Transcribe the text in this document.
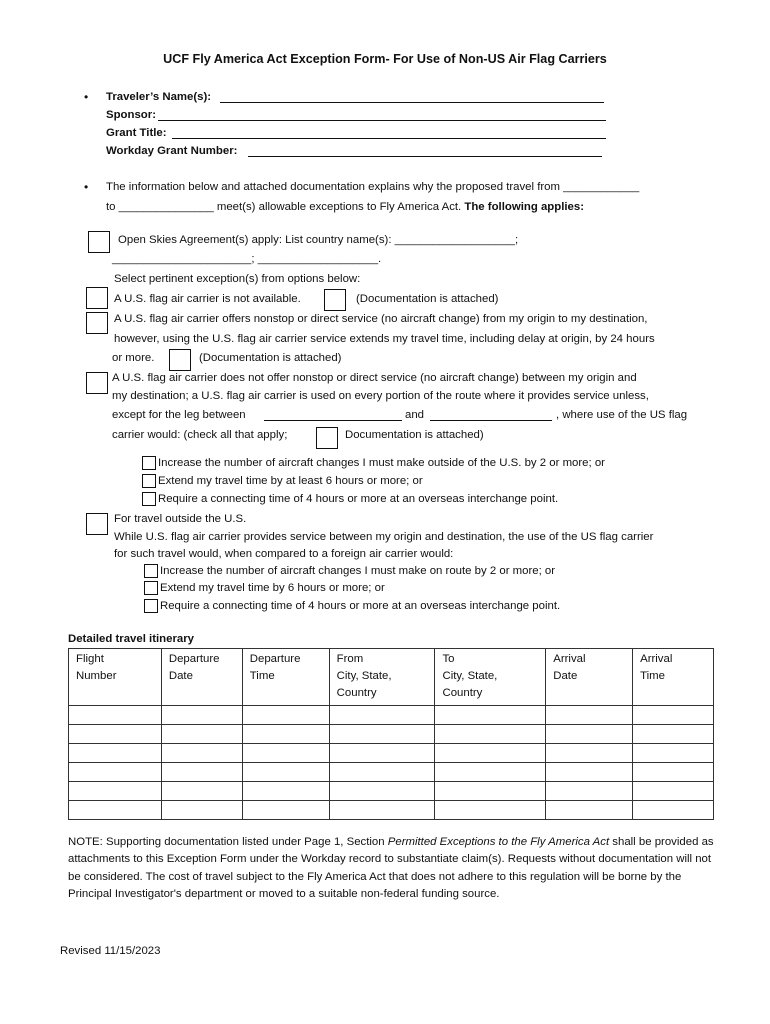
UCF Fly America Act Exception Form- For Use of Non-US Air Flag Carriers
• Traveler’s Name(s):
Sponsor:
Grant Title:
Workday Grant Number:
• The information below and attached documentation explains why the proposed travel from ____________
to _______________ meet(s) allowable exceptions to Fly America Act. The following applies:
Open Skies Agreement(s) apply: List country name(s): ___________________;
______________________; ___________________.
Select pertinent exception(s) from options below:
A U.S. flag air carrier is not available.	(Documentation is attached)
A U.S. flag air carrier offers nonstop or direct service (no aircraft change) from my origin to my destination,
however, using the U.S. flag air carrier service extends my travel time, including delay at origin, by 24 hours
or more.	(Documentation is attached)
A U.S. flag air carrier does not offer nonstop or direct service (no aircraft change) between my origin and
my destination; a U.S. flag air carrier is used on every portion of the route where it provides service unless,
except for the leg between	and	, where use of the US flag
carrier would: (check all that apply;	Documentation is attached)
Increase the number of aircraft changes I must make outside of the U.S. by 2 or more; or
Extend my travel time by at least 6 hours or more; or
Require a connecting time of 4 hours or more at an overseas interchange point.
For travel outside the U.S.
While U.S. flag air carrier provides service between my origin and destination, the use of the US flag carrier
for such travel would, when compared to a foreign air carrier would:
Increase the number of aircraft changes I must make on route by 2 or more; or
Extend my travel time by 6 hours or more; or
Require a connecting time of 4 hours or more at an overseas interchange point.
Detailed travel itinerary
Flight
Number	Departure
Date	Departure
Time	From
City, State,
Country	To
City, State,
Country	Arrival
Date	Arrival
Time

NOTE: Supporting documentation listed under Page 1, Section Permitted Exceptions to the Fly America Act shall be provided as attachments to this Exception Form under the Workday record to substantiate claim(s). Requests without documentation will not be considered. The cost of travel subject to the Fly America Act that does not adhere to this regulation will be borne by the Principal Investigator's department or moved to a suitable non-federal funding source.
Revised 11/15/2023
